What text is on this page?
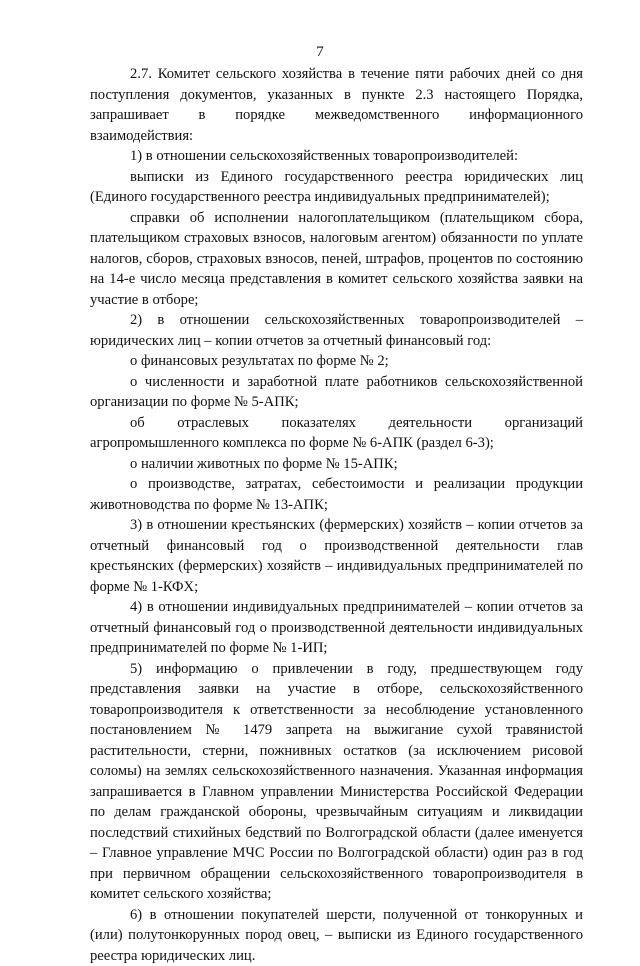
7

2.7. Комитет сельского хозяйства в течение пяти рабочих дней со дня поступления документов, указанных в пункте 2.3 настоящего Порядка, запрашивает в порядке межведомственного информационного взаимодействия:

1) в отношении сельскохозяйственных товаропроизводителей:

выписки из Единого государственного реестра юридических лиц (Единого государственного реестра индивидуальных предпринимателей);

справки об исполнении налогоплательщиком (плательщиком сбора, плательщиком страховых взносов, налоговым агентом) обязанности по уплате налогов, сборов, страховых взносов, пеней, штрафов, процентов по состоянию на 14-е число месяца представления в комитет сельского хозяйства заявки на участие в отборе;

2) в отношении сельскохозяйственных товаропроизводителей – юридических лиц – копии отчетов за отчетный финансовый год:

о финансовых результатах по форме № 2;

о численности и заработной плате работников сельскохозяйственной организации по форме № 5-АПК;

об отраслевых показателях деятельности организаций агропромышленного комплекса по форме № 6-АПК (раздел 6-3);

о наличии животных по форме № 15-АПК;

о производстве, затратах, себестоимости и реализации продукции животноводства по форме № 13-АПК;

3) в отношении крестьянских (фермерских) хозяйств – копии отчетов за отчетный финансовый год о производственной деятельности глав крестьянских (фермерских) хозяйств – индивидуальных предпринимателей по форме № 1-КФХ;

4) в отношении индивидуальных предпринимателей – копии отчетов за отчетный финансовый год о производственной деятельности индивидуальных предпринимателей по форме № 1-ИП;

5) информацию о привлечении в году, предшествующем году представления заявки на участие в отборе, сельскохозяйственного товаропроизводителя к ответственности за несоблюдение установленного постановлением № 1479 запрета на выжигание сухой травянистой растительности, стерни, пожнивных остатков (за исключением рисовой соломы) на землях сельскохозяйственного назначения. Указанная информация запрашивается в Главном управлении Министерства Российской Федерации по делам гражданской обороны, чрезвычайным ситуациям и ликвидации последствий стихийных бедствий по Волгоградской области (далее именуется – Главное управление МЧС России по Волгоградской области) один раз в год при первичном обращении сельскохозяйственного товаропроизводителя в комитет сельского хозяйства;

6) в отношении покупателей шерсти, полученной от тонкорунных и (или) полутонкорунных пород овец, – выписки из Единого государственного реестра юридических лиц.
